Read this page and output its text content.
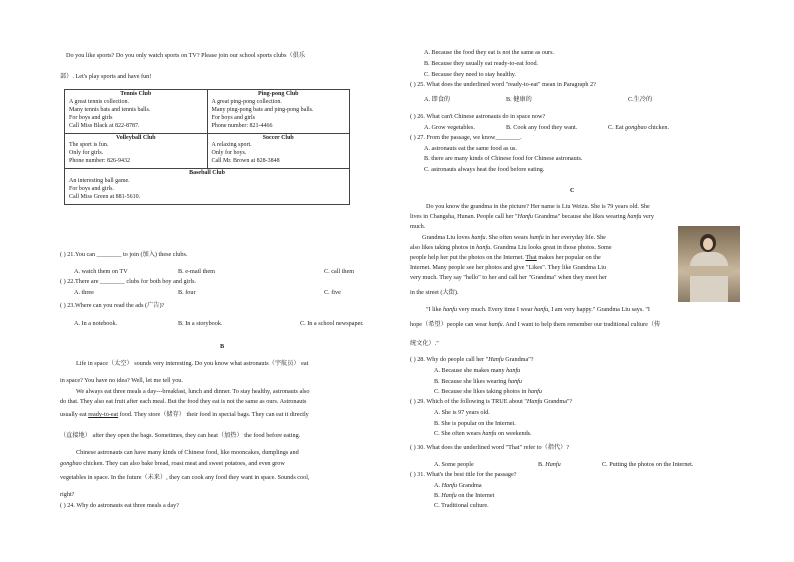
Do you like sports? Do you only watch sports on TV? Please join our school sports clubs（俱乐

部）. Let's play sports and have fun!

Tennis Club
A great tennis collection.
Many tennis bats and tennis balls.
For boys and girls
Call Miss Black at 822-8787.	Ping-pong Club
A great ping-pong collection.
Many ping-pong bats and ping-pong balls.
For boys and girls
Phone number: 821-4466

Volleyball Club
The sport is fun.
Only for girls.
Phone number: 826-9432	Soccer Club
A relaxing sport.
Only for boys.
Call Mr. Brown at 828-3848

Baseball Club
An interesting ball game.
For boys and girls.
Call Miss Green at 881-5610.	

( ) 21.You can ________ to join (加入) these clubs.

A. watch them on TV	B. e-mail them	C. call them

( ) 22.There are ________ clubs for both boy and girls.

A. three	B. four	C. five

( ) 23.Where can you read the ads (广告)?

A. In a notebook.	B. In a storybook.	C. In a school newspaper.

B

Life in space（太空） sounds very interesting. Do you know what astronauts（宇航员） eat

in space? You have no idea? Well, let me tell you.

We always eat three meals a day---breakfast, lunch and dinner. To stay healthy, astronauts also

do that. They also eat fruit after each meal. But the food they eat is not the same as ours. Astronauts

usually eat ready-to-eat food. They store（储存） their food in special bags. They can eat it directly

（直接地） after they open the bags. Sometimes, they can heat（加热） the food before eating.

Chinese astronauts can have many kinds of Chinese food, like mooncakes, dumplings and

gongbao chicken. They can also bake bread, roast meat and sweet potatoes, and even grow

vegetables in space. In the future（未来）, they can cook any food they want in space. Sounds cool,

right?

( ) 24. Why do astronauts eat three meals a day?

A. Because the food they eat is not the same as ours.

B. Because they usually eat ready-to-eat food.

C. Because they need to stay healthy.

( ) 25. What does the underlined word "ready-to-eat" mean in Paragraph 2?

A. 即食的	B. 健康的	C.生冷的

( ) 26. What can't Chinese astronauts do in space now?

A. Grow vegetables.	B. Cook any food they want.	C. Eat gongbao chicken.

( ) 27. From the passage, we know________.

A. astronauts eat the same food as us.

B. there are many kinds of Chinese food for Chinese astronauts.

C. astronauts always heat the food before eating.

C

Do you know the grandma in the picture? Her name is Liu Weizu. She is 79 years old. She

lives in Changsha, Hunan. People call her "Hanfu Grandma" because she likes wearing hanfu very

much.

Grandma Liu loves hanfu. She often wears hanfu in her everyday life. She

also likes taking photos in hanfu. Grandma Liu looks great in those photos. Some

people help her put the photos on the Internet. That makes her popular on the

Internet. Many people see her photos and give "Likes". They like Grandma Liu

very much. They say "hello" to her and call her "Grandma" when they meet her

in the street (大街).

"I like hanfu very much. Every time I wear hanfu, I am very happy." Grandma Liu says. "I

hope（希望）people can wear hanfu. And I want to help them remember our traditional culture（传

统文化）."

( ) 28. Why do people call her "Hanfu Grandma"?

A. Because she makes many hanfu

B. Because she likes wearing hanfu

C. Because she likes taking photos in hanfu

( ) 29. Which of the following is TRUE about "Hanfu Grandma"?

A. She is 97 years old.

B. She is popular on the Internet.

C. She often wears hanfu on weekends.

( ) 30. What does the underlined word "That" refer to（指代）?

A. Some people	B. Hanfu	C. Putting the photos on the Internet.

( ) 31. What's the best title for the passage?

A. Hanfu Grandma

B. Hanfu on the Internet

C. Traditional culture.
